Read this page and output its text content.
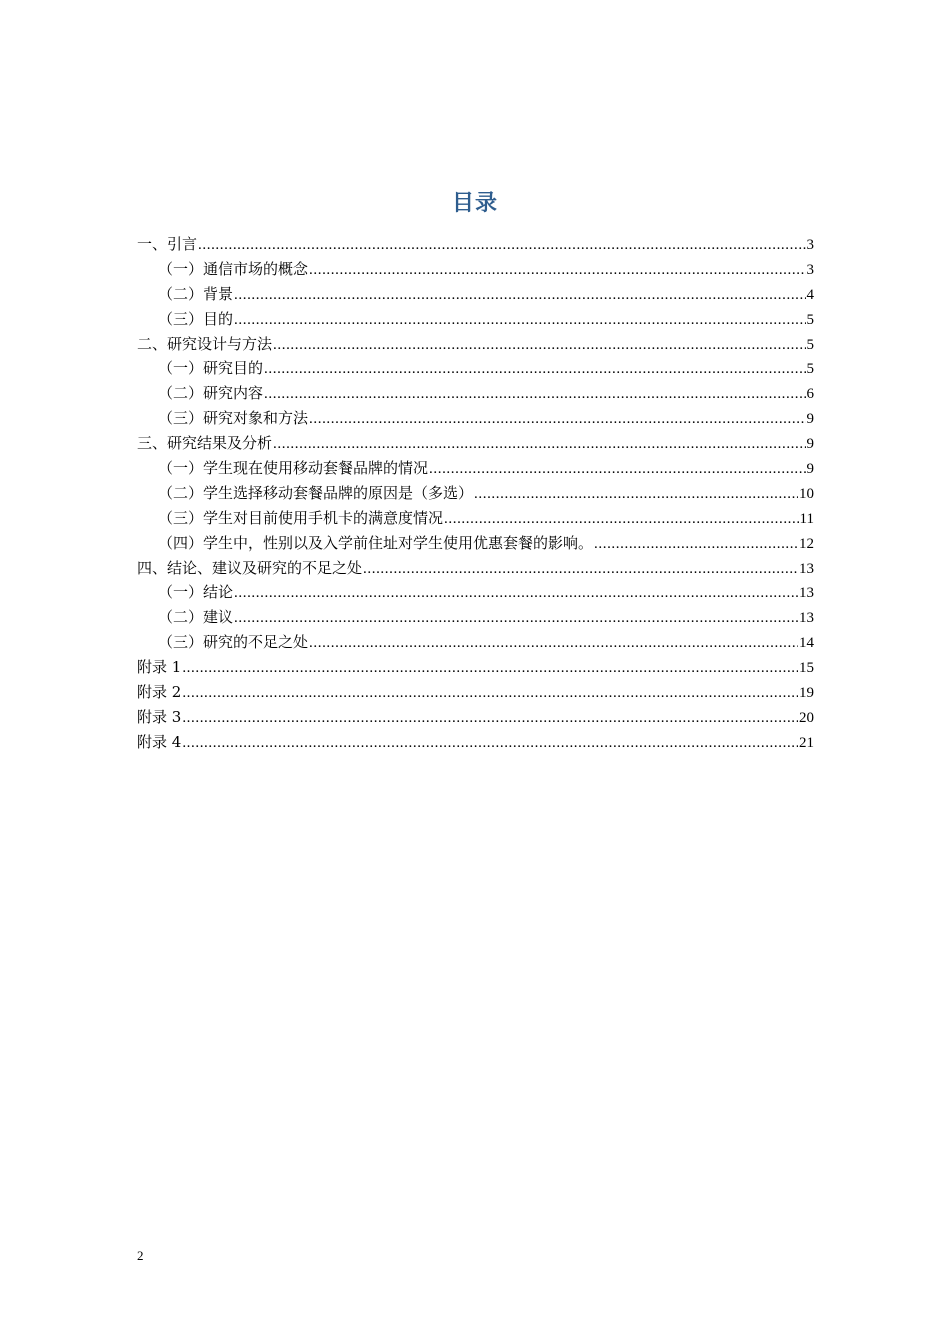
目录
一、引言 .....	3
（一）通信市场的概念 .....	3
（二）背景 .....	4
（三）目的 .....	5
二、研究设计与方法 .....	5
（一）研究目的 .....	5
（二）研究内容 .....	6
（三）研究对象和方法 .....	9
三、研究结果及分析 .....	9
（一）学生现在使用移动套餐品牌的情况 .....	9
（二）学生选择移动套餐品牌的原因是（多选） .....	10
（三）学生对目前使用手机卡的满意度情况 .....	11
（四）学生中，性别以及入学前住址对学生使用优惠套餐的影响。 .....	12
四、结论、建议及研究的不足之处 .....	13
（一）结论 .....	13
（二）建议 .....	13
（三）研究的不足之处 .....	14
附录 1 .....	15
附录 2 .....	19
附录 3 .....	20
附录 4 .....	21
2
